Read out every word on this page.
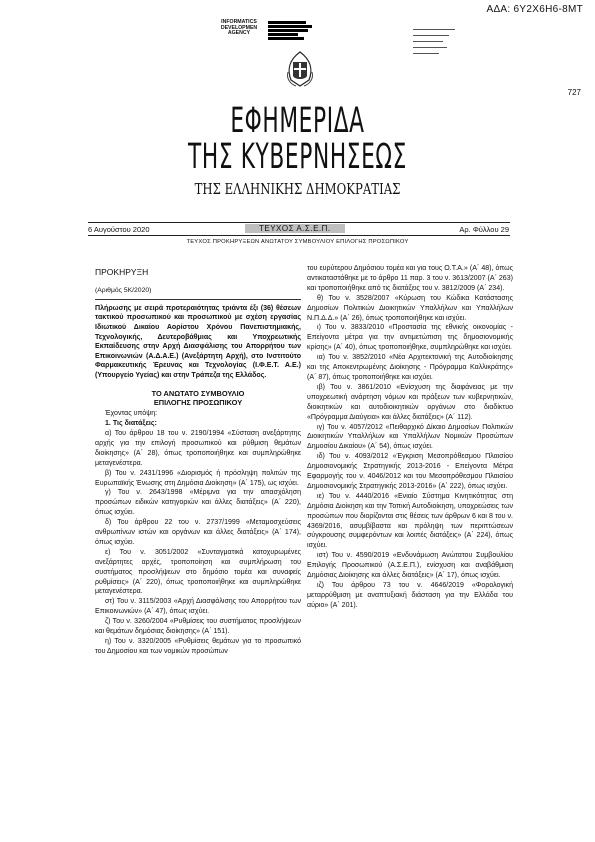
ΑΔΑ: 6Υ2Χ6Η6-8ΜΤ
727
INFORMATICS
DEVELOPMEN
AGENCY
ΕΦΗΜΕΡΙΔΑ
ΤΗΣ ΚΥΒΕΡΝΗΣΕΩΣ
ΤΗΣ ΕΛΛΗΝΙΚΗΣ ΔΗΜΟΚΡΑΤΙΑΣ
6 Αυγούστου 2020	ΤΕΥΧΟΣ Α.Σ.Ε.Π.	Αρ. Φύλλου 29
ΤΕΥΧΟΣ ΠΡΟΚΗΡΥΞΕΩΝ ΑΝΩΤΑΤΟΥ ΣΥΜΒΟΥΛΙΟΥ ΕΠΙΛΟΓΗΣ ΠΡΟΣΩΠΙΚΟΥ

ΠΡΟΚΗΡΥΞΗ

(Αριθμός 5Κ/2020)

Πλήρωσης με σειρά προτεραιότητας τριάντα έξι (36) θέσεων τακτικού προσωπικού και προσωπικού με σχέση εργασίας Ιδιωτικού Δικαίου Αορίστου Χρόνου Πανεπιστημιακής, Τεχνολογικής, Δευτεροβάθμιας και Υποχρεωτικής Εκπαίδευσης στην Αρχή Διασφάλισης του Απορρήτου των Επικοινωνιών (Α.Δ.Α.Ε.) (Ανεξάρτητη Αρχή), στο Ινστιτούτο Φαρμακευτικής Έρευνας και Τεχνολογίας (Ι.Φ.Ε.Τ. Α.Ε.) (Υπουργείο Υγείας) και στην Τράπεζα της Ελλάδος.

ΤΟ ΑΝΩΤΑΤΟ ΣΥΜΒΟΥΛΙΟ

ΕΠΙΛΟΓΗΣ ΠΡΟΣΩΠΙΚΟΥ

Έχοντας υπόψη:

1. Τις διατάξεις:

α) Του άρθρου 18 του ν. 2190/1994 «Σύσταση ανεξάρτητης αρχής για την επιλογή προσωπικού και ρύθμιση θεμάτων διοίκησης» (Α΄ 28), όπως τροποποιήθηκε και συμπληρώθηκε μεταγενέστερα.

β) Του ν. 2431/1996 «Διορισμός ή πρόσληψη πολιτών της Ευρωπαϊκής Ένωσης στη Δημόσια Διοίκηση» (Α΄ 175), ως ισχύει.

γ) Του ν. 2643/1998 «Μέριμνα για την απασχόληση προσώπων ειδικών κατηγοριών και άλλες διατάξεις» (Α΄ 220), όπως ισχύει.

δ) Του άρθρου 22 του ν. 2737/1999 «Μεταμοσχεύσεις ανθρωπίνων ιστών και οργάνων και άλλες διατάξεις» (Α΄ 174), όπως ισχύει.

ε) Του ν. 3051/2002 «Συνταγματικά κατοχυρωμένες ανεξάρτητες αρχές, τροποποίηση και συμπλήρωση του συστήματος προσλήψεων στο δημόσιο τομέα και συναφείς ρυθμίσεις» (Α΄ 220), όπως τροποποιήθηκε και συμπληρώθηκε μεταγενέστερα.

στ) Του ν. 3115/2003 «Αρχή Διασφάλισης του Απορρήτου των Επικοινωνιών» (Α΄ 47), όπως ισχύει.

ζ) Του ν. 3260/2004 «Ρυθμίσεις του συστήματος προσλήψεων και θεμάτων δημόσιας διοίκησης» (Α΄ 151).

η) Του ν. 3320/2005 «Ρυθμίσεις θεμάτων για το προσωπικό του Δημοσίου και των νομικών προσώπων

του ευρύτερου Δημόσιου τομέα και για τους Ο.Τ.Α.» (Α΄ 48), όπως αντικαταστάθηκε με το άρθρο 11 παρ. 3 του ν. 3613/2007 (Α΄ 263) και τροποποιήθηκε από τις διατάξεις του ν. 3812/2009 (Α΄ 234).

θ) Του ν. 3528/2007 «Κύρωση του Κώδικα Κατάστασης Δημοσίων Πολιτικών Διοικητικών Υπαλλήλων και Υπαλλήλων Ν.Π.Δ.Δ.» (Α΄ 26), όπως τροποποιήθηκε και ισχύει.

ι) Του ν. 3833/2010 «Προστασία της εθνικής οικονομίας - Επείγοντα μέτρα για την αντιμετώπιση της δημοσιονομικής κρίσης» (Α΄ 40), όπως τροποποιήθηκε, συμπληρώθηκε και ισχύει.

ια) Του ν. 3852/2010 «Νέα Αρχιτεκτονική της Αυτοδιοίκησης και της Αποκεντρωμένης Διοίκησης - Πρόγραμμα Καλλικράτης» (Α΄ 87), όπως τροποποιήθηκε και ισχύει.

ιβ) Του ν. 3861/2010 «Ενίσχυση της διαφάνειας με την υποχρεωτική ανάρτηση νόμων και πράξεων των κυβερνητικών, διοικητικών και αυτοδιοικητικών οργάνων στο διαδίκτυο «Πρόγραμμα Διαύγεια» και άλλες διατάξεις» (Α΄ 112).

ιγ) Του ν. 4057/2012 «Πειθαρχικό Δίκαιο Δημοσίων Πολιτικών Διοικητικών Υπαλλήλων και Υπαλλήλων Νομικών Προσώπων Δημοσίου Δικαίου» (Α΄ 54), όπως ισχύει.

ιδ) Του ν. 4093/2012 «Έγκριση Μεσοπρόθεσμου Πλαισίου Δημοσιονομικής Στρατηγικής 2013-2016 - Επείγοντα Μέτρα Εφαρμογής του ν. 4046/2012 και του Μεσοπρόθεσμου Πλαισίου Δημοσιονομικής Στρατηγικής 2013-2016» (Α΄ 222), όπως ισχύει.

ιε) Του ν. 4440/2016 «Ενιαίο Σύστημα Κινητικότητας στη Δημόσια Διοίκηση και την Τοπική Αυτοδιοίκηση, υποχρεώσεις των προσώπων που διορίζονται στις θέσεις των άρθρων 6 και 8 του ν. 4369/2016, ασυμβίβαστα και πρόληψη των περιπτώσεων σύγκρουσης συμφερόντων και λοιπές διατάξεις» (Α΄ 224), όπως ισχύει.

ιστ) Του ν. 4590/2019 «Ενδυνάμωση Ανώτατου Συμβουλίου Επιλογής Προσωπικού (Α.Σ.Ε.Π.), ενίσχυση και αναβάθμιση Δημόσιας Διοίκησης και άλλες διατάξεις» (Α΄ 17), όπως ισχύει.

ιζ) Του άρθρου 73 του ν. 4646/2019 «Φορολογική μεταρρύθμιση με αναπτυξιακή διάσταση για την Ελλάδα του αύριο» (Α΄ 201).
